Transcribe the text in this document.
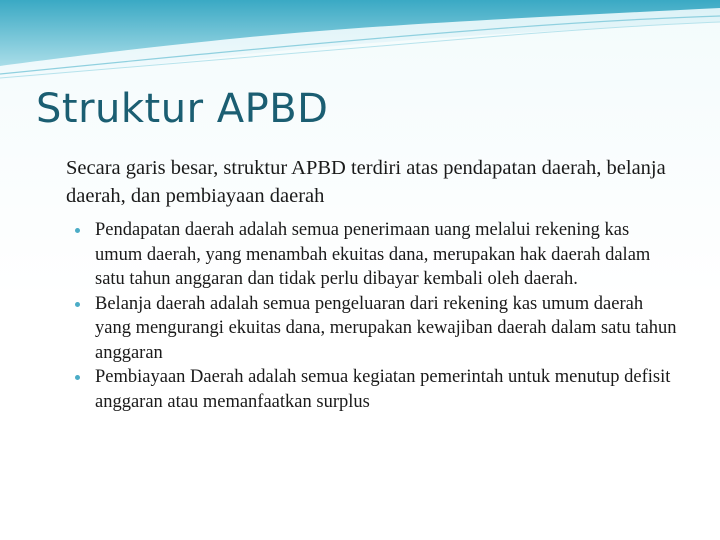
Struktur APBD

Secara garis besar, struktur APBD terdiri atas pendapatan daerah, belanja daerah, dan pembiayaan daerah

Pendapatan daerah adalah semua penerimaan uang melalui rekening kas umum daerah, yang menambah ekuitas dana, merupakan hak daerah dalam satu tahun anggaran dan tidak perlu dibayar kembali oleh daerah.
Belanja daerah adalah semua pengeluaran dari rekening kas umum daerah yang mengurangi ekuitas dana, merupakan kewajiban daerah dalam satu tahun anggaran
Pembiayaan Daerah adalah semua kegiatan pemerintah untuk menutup defisit anggaran atau memanfaatkan surplus
